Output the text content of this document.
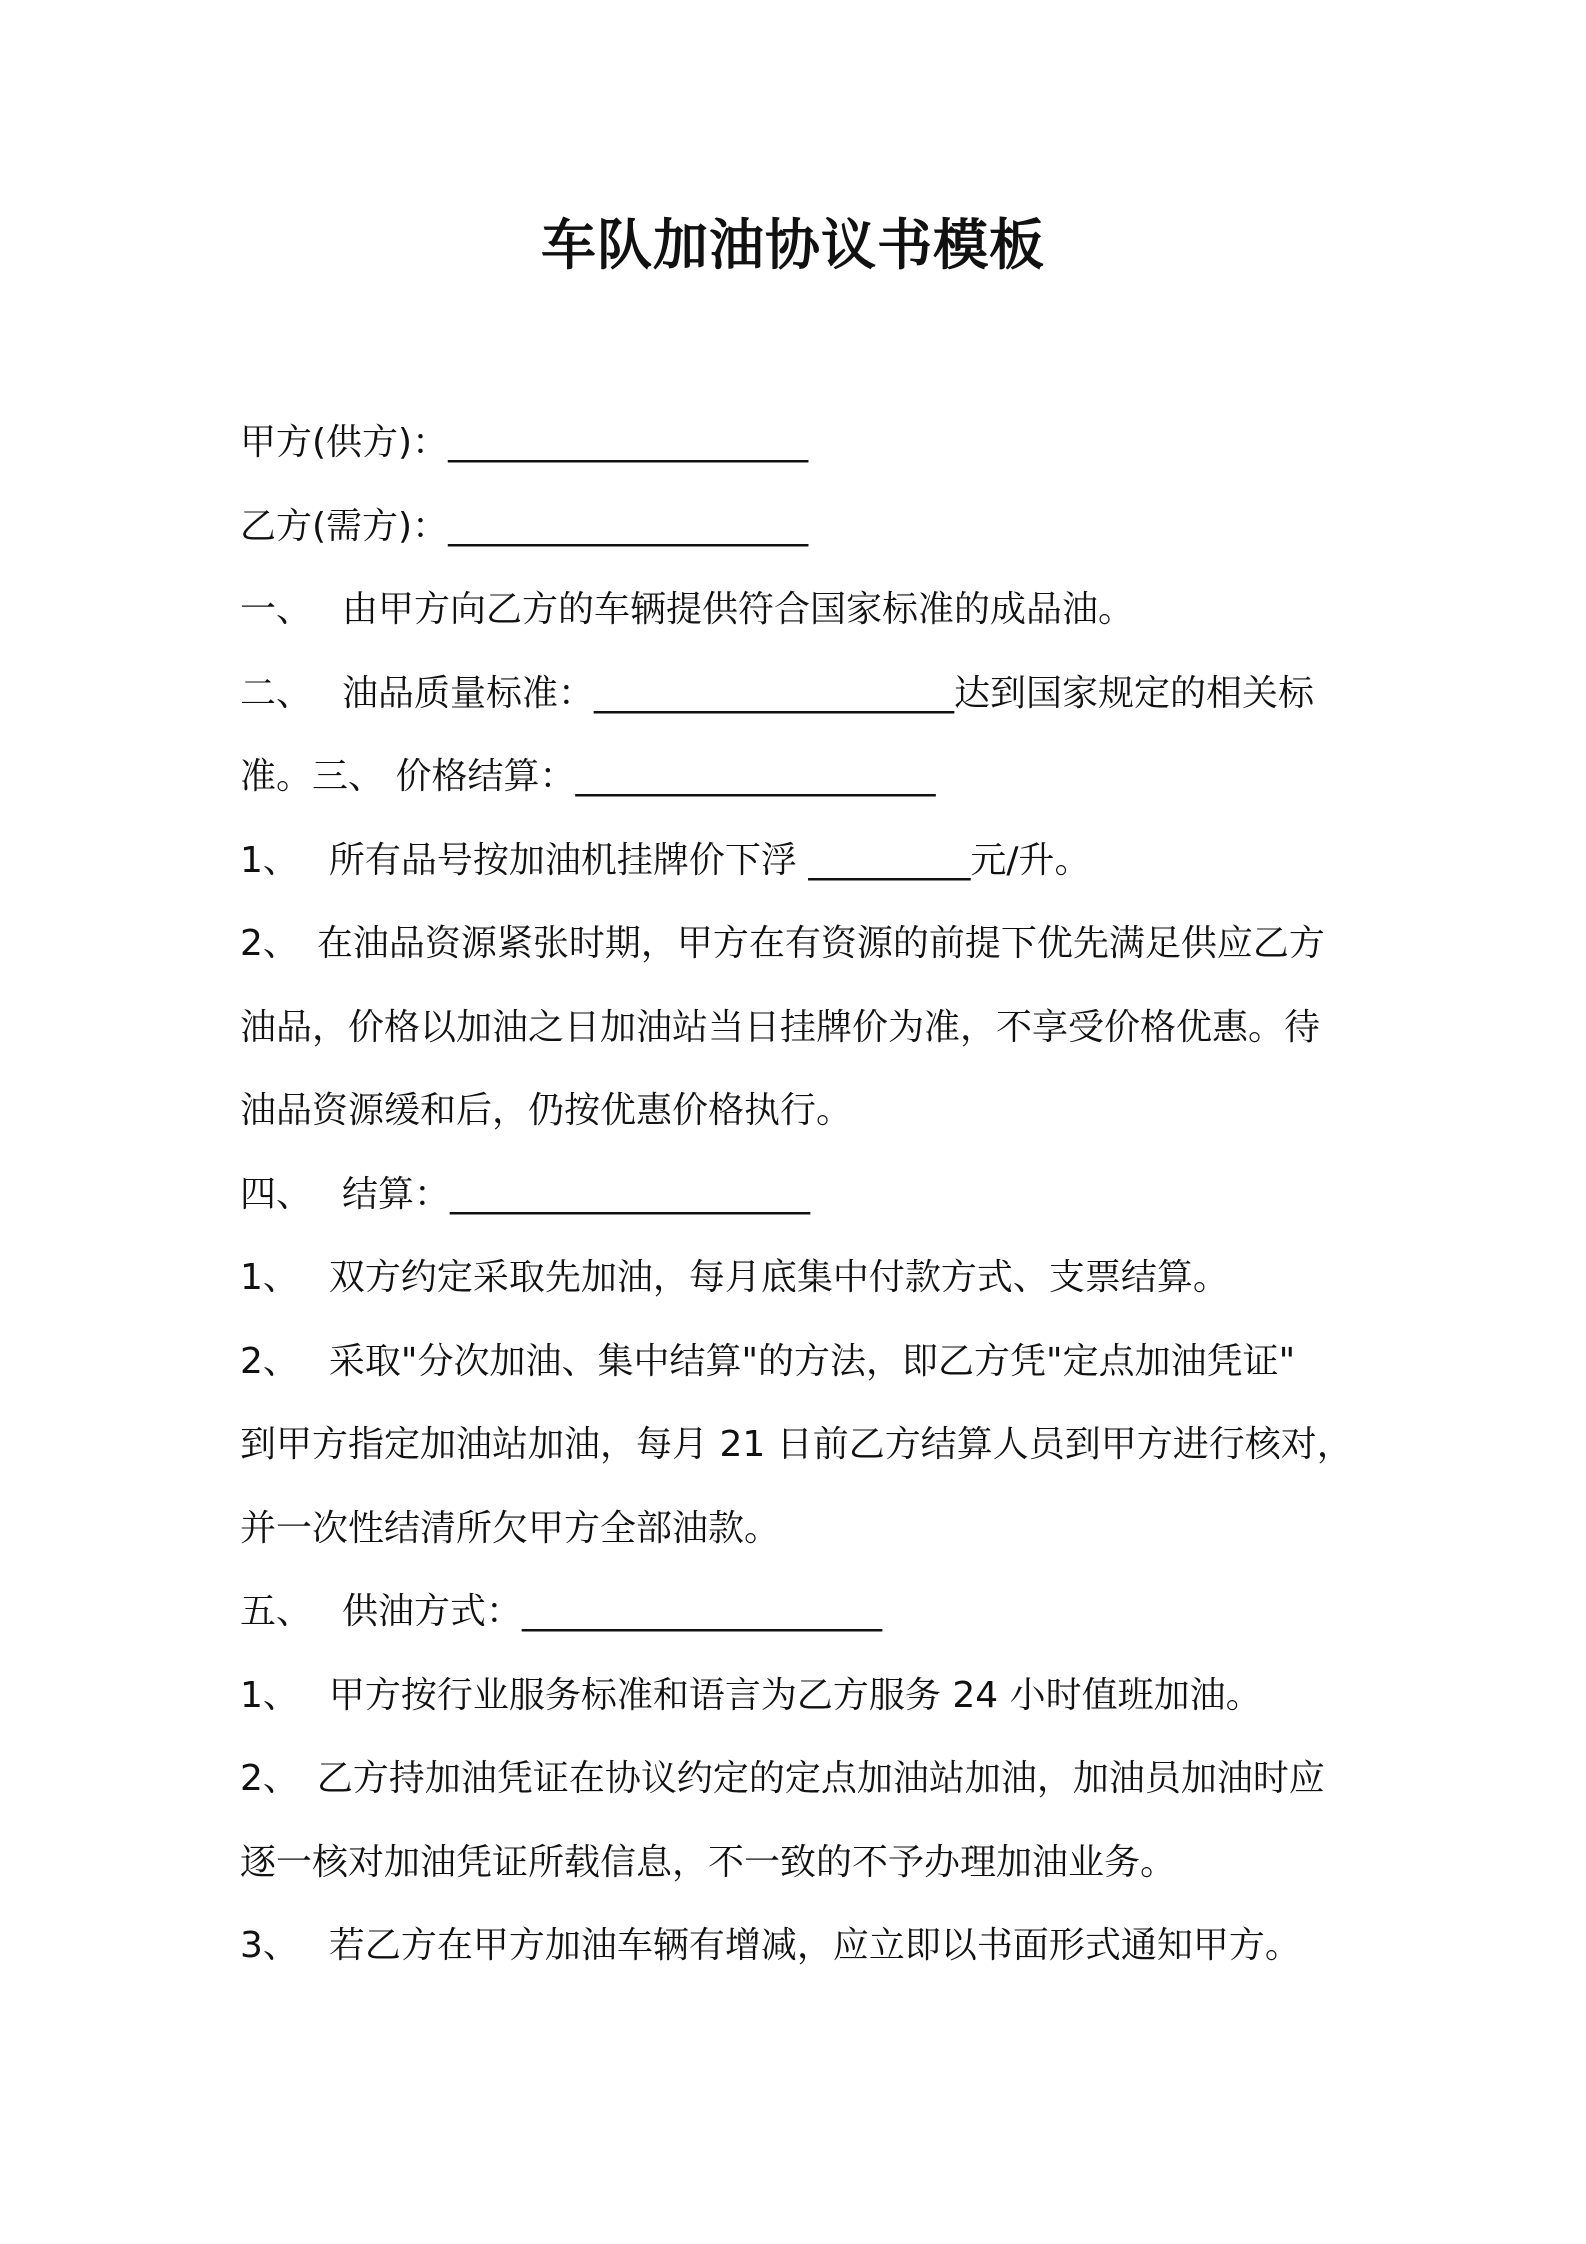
车队加油协议书模板
甲方(供方)：____________________
乙方(需方)：____________________
一、 由甲方向乙方的车辆提供符合国家标准的成品油。
二、 油品质量标准：____________________达到国家规定的相关标
准。三、 价格结算：____________________
1、 所有品号按加油机挂牌价下浮 _________元/升。
2、 在油品资源紧张时期，甲方在有资源的前提下优先满足供应乙方
油品，价格以加油之日加油站当日挂牌价为准，不享受价格优惠。待
油品资源缓和后，仍按优惠价格执行。
四、 结算：____________________
1、 双方约定采取先加油，每月底集中付款方式、支票结算。
2、 采取"分次加油、集中结算"的方法，即乙方凭"定点加油凭证"
到甲方指定加油站加油，每月 21 日前乙方结算人员到甲方进行核对，
并一次性结清所欠甲方全部油款。
五、 供油方式：____________________
1、 甲方按行业服务标准和语言为乙方服务 24 小时值班加油。
2、 乙方持加油凭证在协议约定的定点加油站加油，加油员加油时应
逐一核对加油凭证所载信息，不一致的不予办理加油业务。
3、 若乙方在甲方加油车辆有增减，应立即以书面形式通知甲方。
